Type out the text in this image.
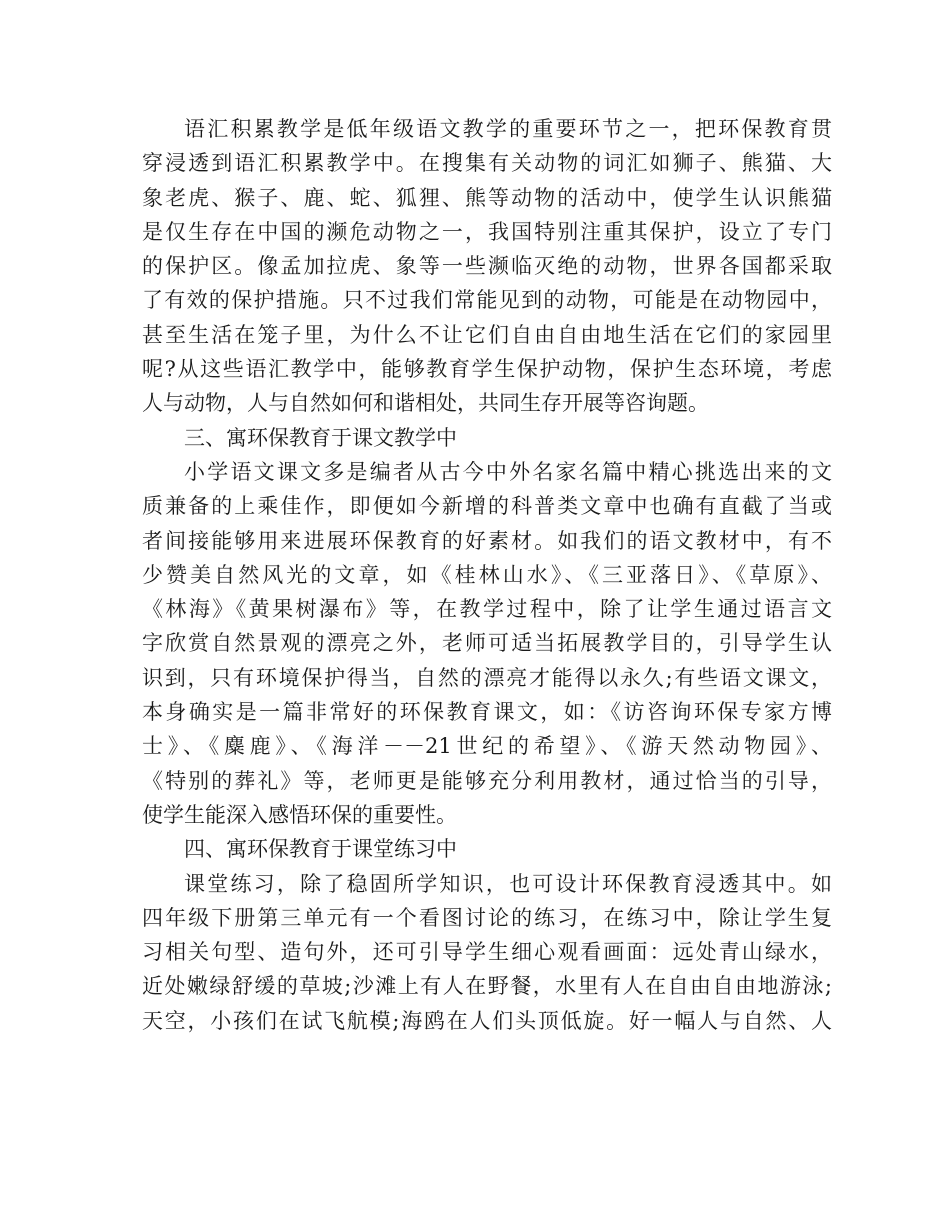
语汇积累教学是低年级语文教学的重要环节之一，把环保教育贯
穿浸透到语汇积累教学中。在搜集有关动物的词汇如狮子、熊猫、大
象老虎、猴子、鹿、蛇、狐狸、熊等动物的活动中，使学生认识熊猫
是仅生存在中国的濒危动物之一，我国特别注重其保护，设立了专门
的保护区。像孟加拉虎、象等一些濒临灭绝的动物，世界各国都采取
了有效的保护措施。只不过我们常能见到的动物，可能是在动物园中，
甚至生活在笼子里，为什么不让它们自由自由地生活在它们的家园里
呢?从这些语汇教学中，能够教育学生保护动物，保护生态环境，考虑
人与动物，人与自然如何和谐相处，共同生存开展等咨询题。
三、寓环保教育于课文教学中
小学语文课文多是编者从古今中外名家名篇中精心挑选出来的文
质兼备的上乘佳作，即便如今新增的科普类文章中也确有直截了当或
者间接能够用来进展环保教育的好素材。如我们的语文教材中，有不
少赞美自然风光的文章，如《桂林山水》、《三亚落日》、《草原》、
《林海》《黄果树瀑布》等，在教学过程中，除了让学生通过语言文
字欣赏自然景观的漂亮之外，老师可适当拓展教学目的，引导学生认
识到，只有环境保护得当，自然的漂亮才能得以永久;有些语文课文，
本身确实是一篇非常好的环保教育课文，如：《访咨询环保专家方博
士》、《麋鹿》、《海洋－－21世纪的希望》、《游天然动物园》、
《特别的葬礼》等，老师更是能够充分利用教材，通过恰当的引导，
使学生能深入感悟环保的重要性。
四、寓环保教育于课堂练习中
课堂练习，除了稳固所学知识，也可设计环保教育浸透其中。如
四年级下册第三单元有一个看图讨论的练习，在练习中，除让学生复
习相关句型、造句外，还可引导学生细心观看画面：远处青山绿水，
近处嫩绿舒缓的草坡;沙滩上有人在野餐，水里有人在自由自由地游泳;
天空，小孩们在试飞航模;海鸥在人们头顶低旋。好一幅人与自然、人
